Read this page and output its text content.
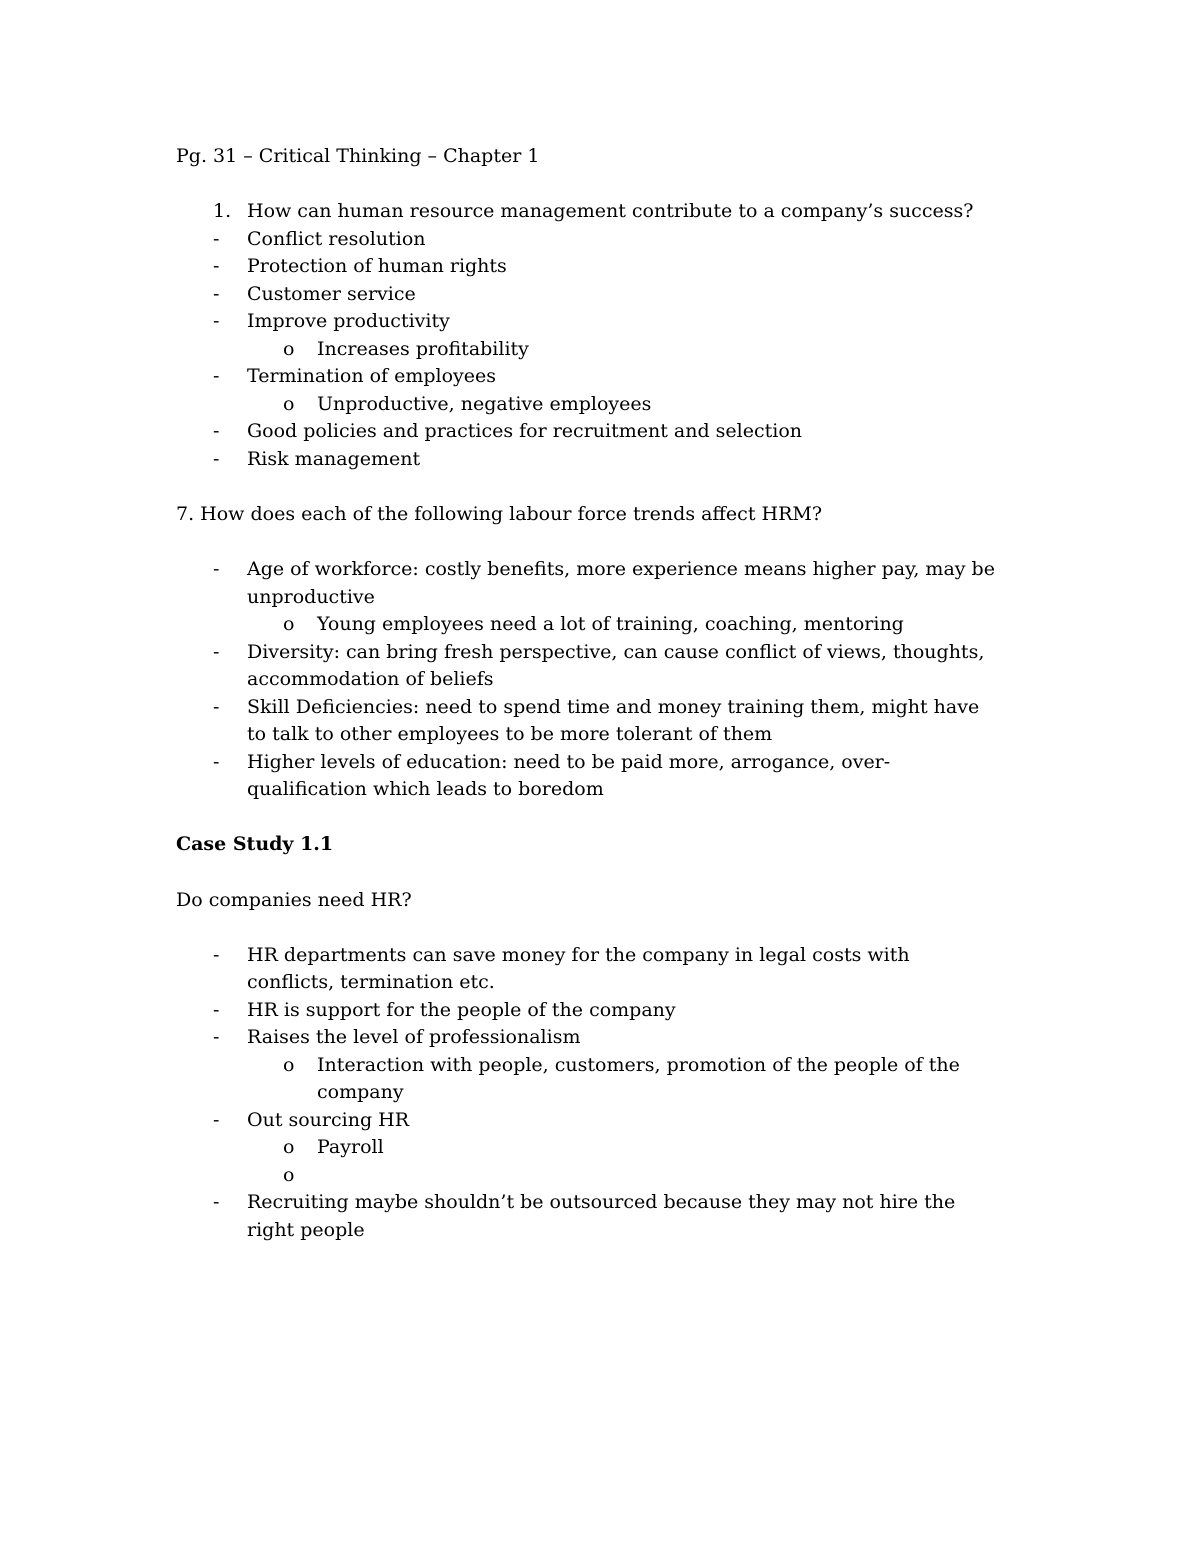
Pg. 31 – Critical Thinking – Chapter 1
1. How can human resource management contribute to a company’s success?
- Conflict resolution
- Protection of human rights
- Customer service
- Improve productivity
o Increases profitability
- Termination of employees
o Unproductive, negative employees
- Good policies and practices for recruitment and selection
- Risk management
7. How does each of the following labour force trends affect HRM?
- Age of workforce: costly benefits, more experience means higher pay, may be
unproductive
o Young employees need a lot of training, coaching, mentoring
- Diversity: can bring fresh perspective, can cause conflict of views, thoughts,
accommodation of beliefs
- Skill Deficiencies: need to spend time and money training them, might have
to talk to other employees to be more tolerant of them
- Higher levels of education: need to be paid more, arrogance, over-
qualification which leads to boredom
Case Study 1.1
Do companies need HR?
- HR departments can save money for the company in legal costs with
conflicts, termination etc.
- HR is support for the people of the company
- Raises the level of professionalism
o Interaction with people, customers, promotion of the people of the
company
- Out sourcing HR
o Payroll
o
- Recruiting maybe shouldn’t be outsourced because they may not hire the
right people
